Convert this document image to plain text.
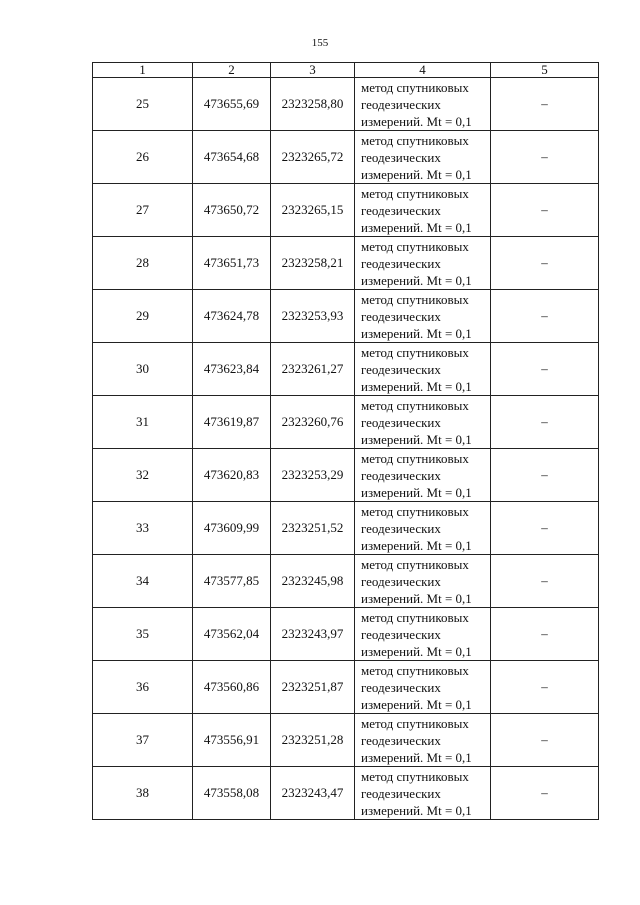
155
1	2	3	4	5
25	473655,69	2323258,80	метод спутниковых
геодезических
измерений. Mt = 0,1	–
26	473654,68	2323265,72	метод спутниковых
геодезических
измерений. Mt = 0,1	–
27	473650,72	2323265,15	метод спутниковых
геодезических
измерений. Mt = 0,1	–
28	473651,73	2323258,21	метод спутниковых
геодезических
измерений. Mt = 0,1	–
29	473624,78	2323253,93	метод спутниковых
геодезических
измерений. Mt = 0,1	–
30	473623,84	2323261,27	метод спутниковых
геодезических
измерений. Mt = 0,1	–
31	473619,87	2323260,76	метод спутниковых
геодезических
измерений. Mt = 0,1	–
32	473620,83	2323253,29	метод спутниковых
геодезических
измерений. Mt = 0,1	–
33	473609,99	2323251,52	метод спутниковых
геодезических
измерений. Mt = 0,1	–
34	473577,85	2323245,98	метод спутниковых
геодезических
измерений. Mt = 0,1	–
35	473562,04	2323243,97	метод спутниковых
геодезических
измерений. Mt = 0,1	–
36	473560,86	2323251,87	метод спутниковых
геодезических
измерений. Mt = 0,1	–
37	473556,91	2323251,28	метод спутниковых
геодезических
измерений. Mt = 0,1	–
38	473558,08	2323243,47	метод спутниковых
геодезических
измерений. Mt = 0,1	–
